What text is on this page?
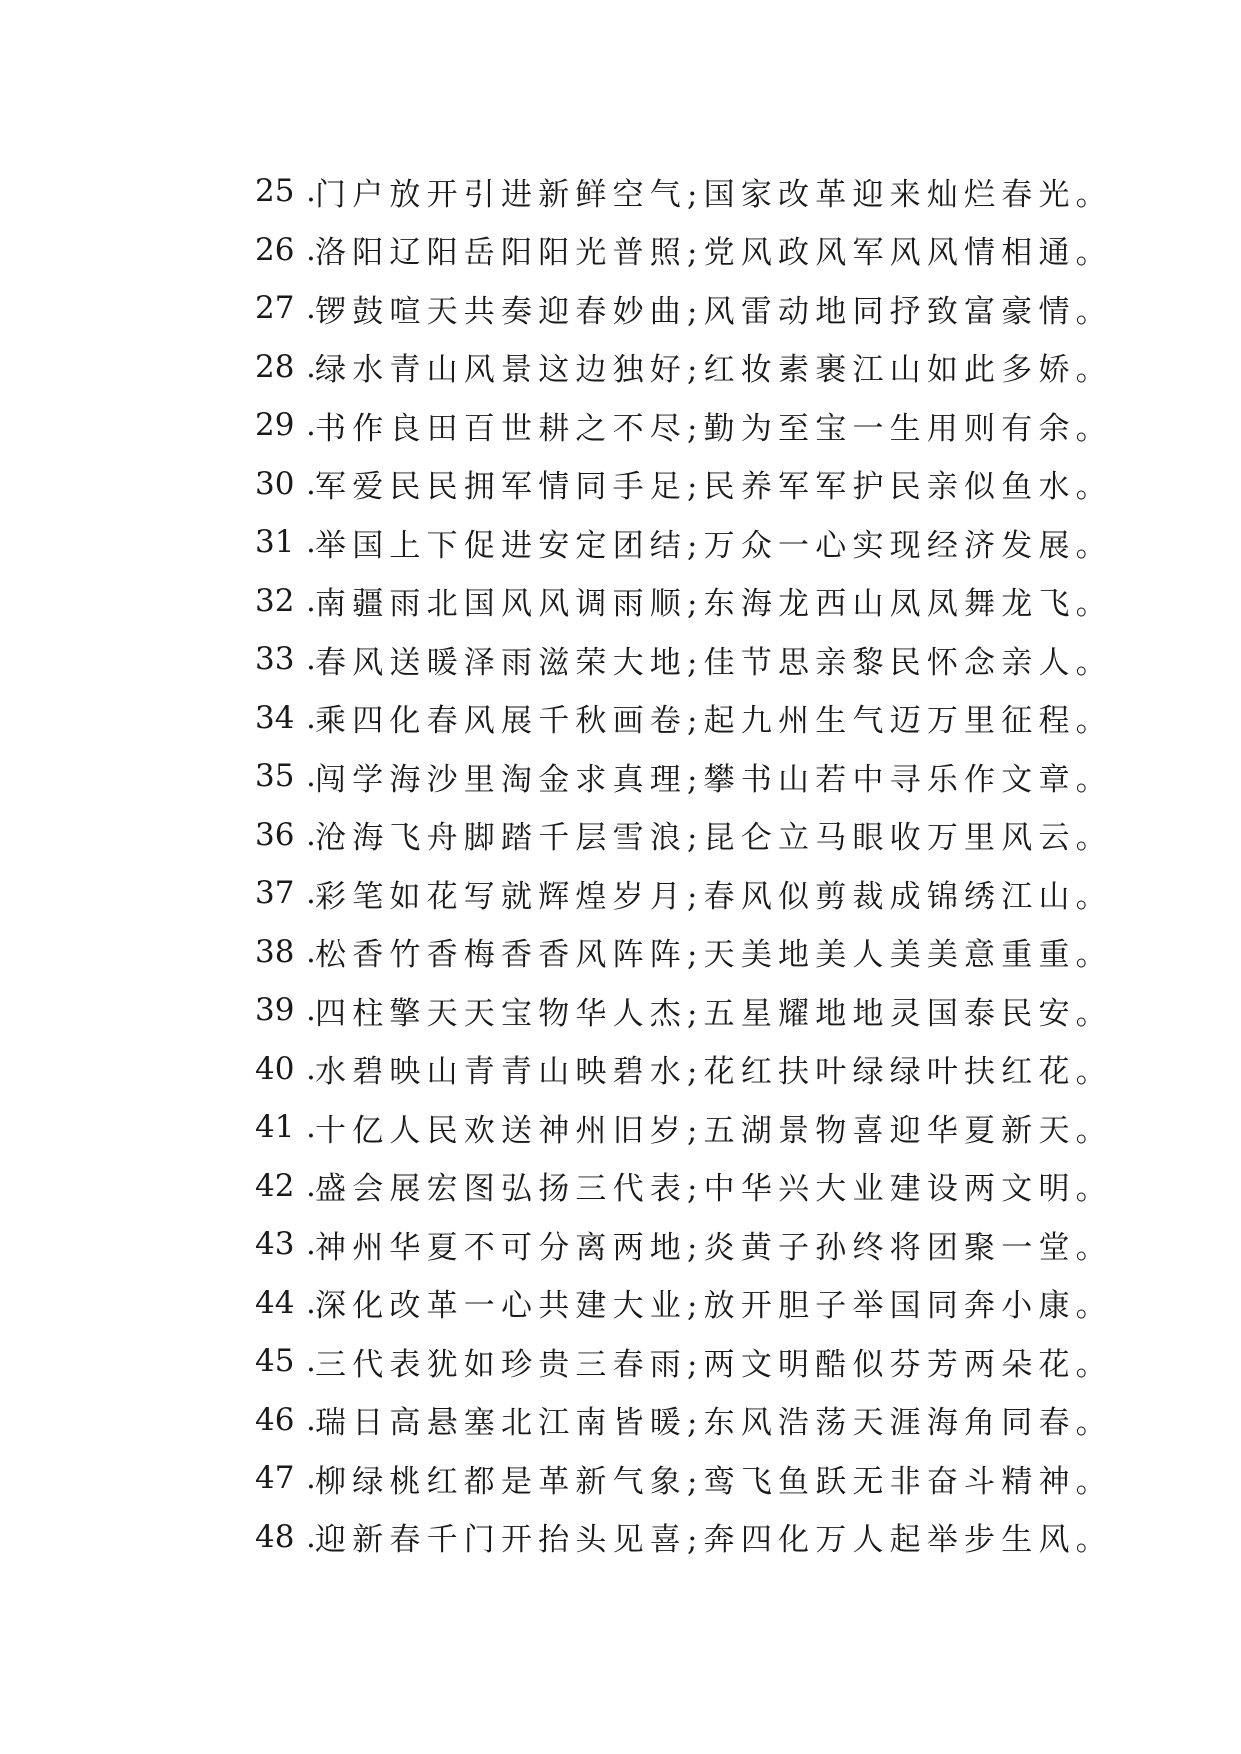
25 . 门户放开引进新鲜空气;国家改革迎来灿烂春光。
26 . 洛阳辽阳岳阳阳光普照;党风政风军风风情相通。
27 . 锣鼓喧天共奏迎春妙曲;风雷动地同抒致富豪情。
28 . 绿水青山风景这边独好;红妆素裹江山如此多娇。
29 . 书作良田百世耕之不尽;勤为至宝一生用则有余。
30 . 军爱民民拥军情同手足;民养军军护民亲似鱼水。
31 . 举国上下促进安定团结;万众一心实现经济发展。
32 . 南疆雨北国风风调雨顺;东海龙西山凤凤舞龙飞。
33 . 春风送暖泽雨滋荣大地;佳节思亲黎民怀念亲人。
34 . 乘四化春风展千秋画卷;起九州生气迈万里征程。
35 . 闯学海沙里淘金求真理;攀书山若中寻乐作文章。
36 . 沧海飞舟脚踏千层雪浪;昆仑立马眼收万里风云。
37 . 彩笔如花写就辉煌岁月;春风似剪裁成锦绣江山。
38 . 松香竹香梅香香风阵阵;天美地美人美美意重重。
39 . 四柱擎天天宝物华人杰;五星耀地地灵国泰民安。
40 . 水碧映山青青山映碧水;花红扶叶绿绿叶扶红花。
41 . 十亿人民欢送神州旧岁;五湖景物喜迎华夏新天。
42 . 盛会展宏图弘扬三代表;中华兴大业建设两文明。
43 . 神州华夏不可分离两地;炎黄子孙终将团聚一堂。
44 . 深化改革一心共建大业;放开胆子举国同奔小康。
45 . 三代表犹如珍贵三春雨;两文明酷似芬芳两朵花。
46 . 瑞日高悬塞北江南皆暖;东风浩荡天涯海角同春。
47 . 柳绿桃红都是革新气象;鸾飞鱼跃无非奋斗精神。
48 . 迎新春千门开抬头见喜;奔四化万人起举步生风。
